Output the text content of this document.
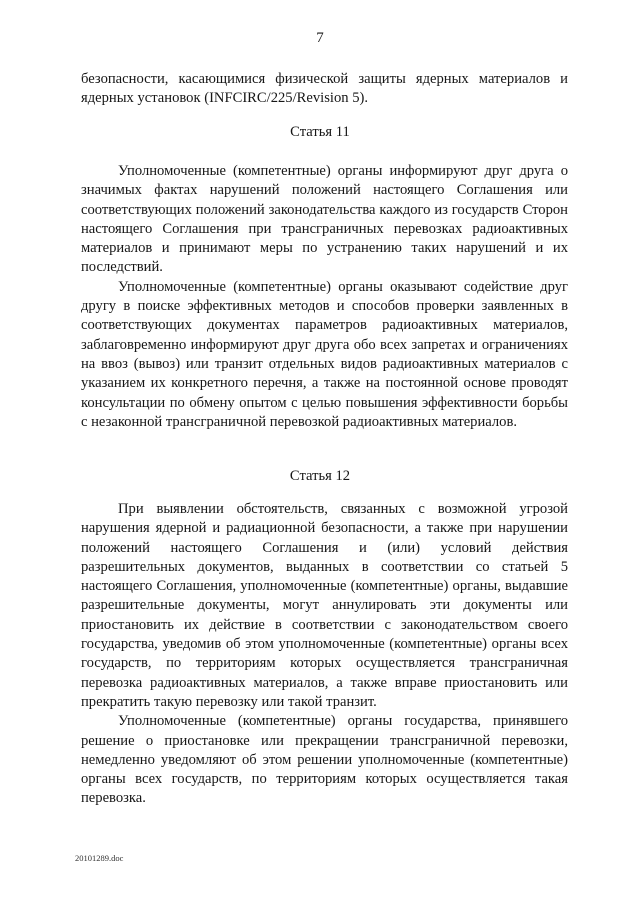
7

безопасности, касающимися физической защиты ядерных материалов и ядерных установок (INFCIRC/225/Revision 5).

Статья 11

Уполномоченные (компетентные) органы информируют друг друга о значимых фактах нарушений положений настоящего Соглашения или соответствующих положений законодательства каждого из государств Сторон настоящего Соглашения при трансграничных перевозках радиоактивных материалов и принимают меры по устранению таких нарушений и их последствий.

Уполномоченные (компетентные) органы оказывают содействие друг другу в поиске эффективных методов и способов проверки заявленных в соответствующих документах параметров радиоактивных материалов, заблаговременно информируют друг друга обо всех запретах и ограничениях на ввоз (вывоз) или транзит отдельных видов радиоактивных материалов с указанием их конкретного перечня, а также на постоянной основе проводят консультации по обмену опытом с целью повышения эффективности борьбы с незаконной трансграничной перевозкой радиоактивных материалов.

Статья 12

При выявлении обстоятельств, связанных с возможной угрозой нарушения ядерной и радиационной безопасности, а также при нарушении положений настоящего Соглашения и (или) условий действия разрешительных документов, выданных в соответствии со статьей 5 настоящего Соглашения, уполномоченные (компетентные) органы, выдавшие разрешительные документы, могут аннулировать эти документы или приостановить их действие в соответствии с законодательством своего государства, уведомив об этом уполномоченные (компетентные) органы всех государств, по территориям которых осуществляется трансграничная перевозка радиоактивных материалов, а также вправе приостановить или прекратить такую перевозку или такой транзит.

Уполномоченные (компетентные) органы государства, принявшего решение о приостановке или прекращении трансграничной перевозки, немедленно уведомляют об этом решении уполномоченные (компетентные) органы всех государств, по территориям которых осуществляется такая перевозка.

20101289.doc
